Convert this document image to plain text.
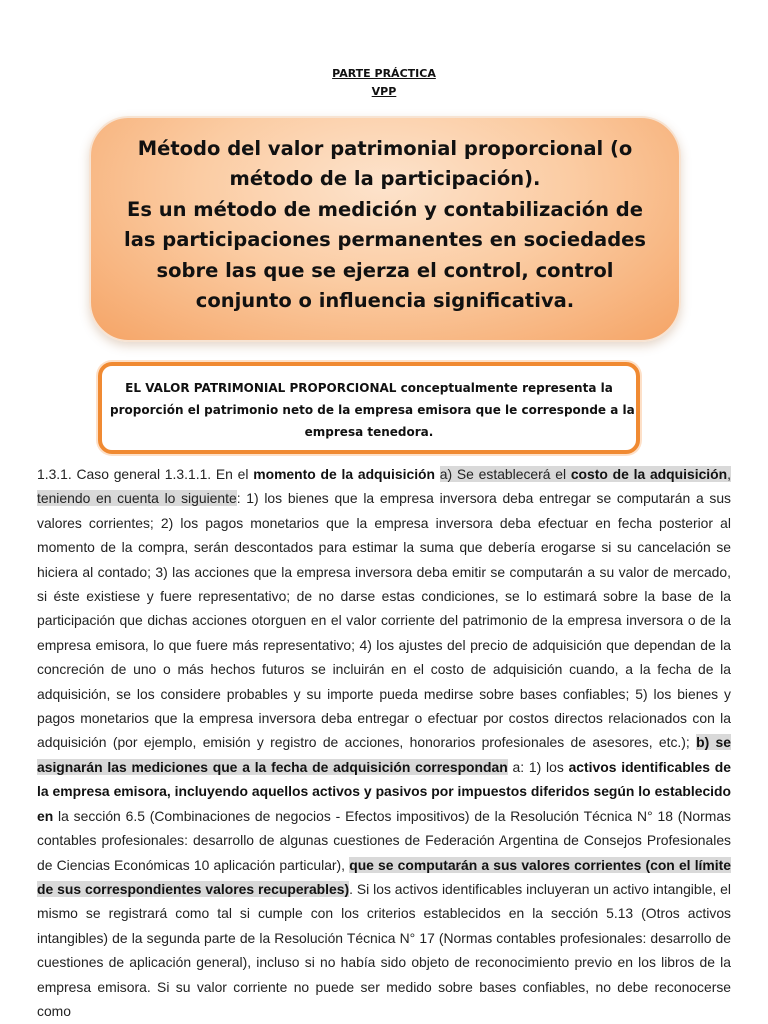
PARTE PRÁCTICA
VPP
Método del valor patrimonial proporcional (o
método de la participación).
Es un método de medición y contabilización de
las participaciones permanentes en sociedades
sobre las que se ejerza el control, control
conjunto o influencia significativa.
EL VALOR PATRIMONIAL PROPORCIONAL conceptualmente representa la
proporción el patrimonio neto de la empresa emisora que le corresponde a la
empresa tenedora.

1.3.1. Caso general 1.3.1.1. En el momento de la adquisición a) Se establecerá el costo de la adquisición, teniendo en cuenta lo siguiente: 1) los bienes que la empresa inversora deba entregar se computarán a sus valores corrientes; 2) los pagos monetarios que la empresa inversora deba efectuar en fecha posterior al momento de la compra, serán descontados para estimar la suma que debería erogarse si su cancelación se hiciera al contado; 3) las acciones que la empresa inversora deba emitir se computarán a su valor de mercado, si éste existiese y fuere representativo; de no darse estas condiciones, se lo estimará sobre la base de la participación que dichas acciones otorguen en el valor corriente del patrimonio de la empresa inversora o de la empresa emisora, lo que fuere más representativo; 4) los ajustes del precio de adquisición que dependan de la concreción de uno o más hechos futuros se incluirán en el costo de adquisición cuando, a la fecha de la adquisición, se los considere probables y su importe pueda medirse sobre bases confiables; 5) los bienes y pagos monetarios que la empresa inversora deba entregar o efectuar por costos directos relacionados con la adquisición (por ejemplo, emisión y registro de acciones, honorarios profesionales de asesores, etc.); b) se asignarán las mediciones que a la fecha de adquisición correspondan a: 1) los activos identificables de la empresa emisora, incluyendo aquellos activos y pasivos por impuestos diferidos según lo establecido en la sección 6.5 (Combinaciones de negocios - Efectos impositivos) de la Resolución Técnica N° 18 (Normas contables profesionales: desarrollo de algunas cuestiones de Federación Argentina de Consejos Profesionales de Ciencias Económicas 10 aplicación particular), que se computarán a sus valores corrientes (con el límite de sus correspondientes valores recuperables). Si los activos identificables incluyeran un activo intangible, el mismo se registrará como tal si cumple con los criterios establecidos en la sección 5.13 (Otros activos intangibles) de la segunda parte de la Resolución Técnica N° 17 (Normas contables profesionales: desarrollo de cuestiones de aplicación general), incluso si no había sido objeto de reconocimiento previo en los libros de la empresa emisora. Si su valor corriente no puede ser medido sobre bases confiables, no debe reconocerse como
